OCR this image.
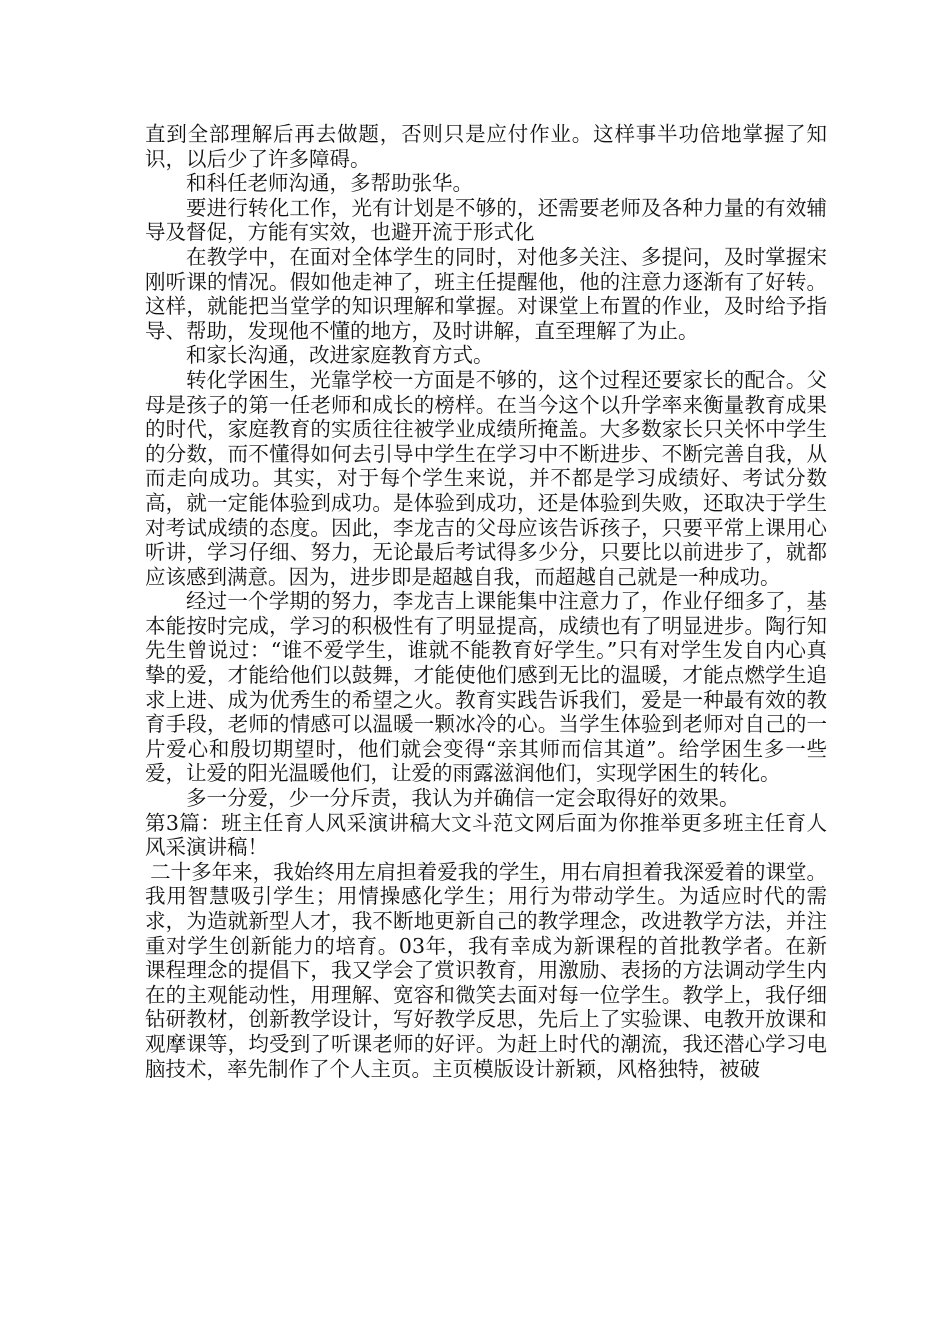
直到全部理解后再去做题，否则只是应付作业。这样事半功倍地掌握了知识，以后少了许多障碍。

和科任老师沟通，多帮助张华。

要进行转化工作，光有计划是不够的，还需要老师及各种力量的有效辅导及督促，方能有实效，也避开流于形式化

在教学中，在面对全体学生的同时，对他多关注、多提问，及时掌握宋刚听课的情况。假如他走神了，班主任提醒他，他的注意力逐渐有了好转。这样，就能把当堂学的知识理解和掌握。对课堂上布置的作业，及时给予指导、帮助，发现他不懂的地方，及时讲解，直至理解了为止。

和家长沟通，改进家庭教育方式。

转化学困生，光靠学校一方面是不够的，这个过程还要家长的配合。父母是孩子的第一任老师和成长的榜样。在当今这个以升学率来衡量教育成果的时代，家庭教育的实质往往被学业成绩所掩盖。大多数家长只关怀中学生的分数，而不懂得如何去引导中学生在学习中不断进步、不断完善自我，从而走向成功。其实，对于每个学生来说，并不都是学习成绩好、考试分数高，就一定能体验到成功。是体验到成功，还是体验到失败，还取决于学生对考试成绩的态度。因此，李龙吉的父母应该告诉孩子，只要平常上课用心听讲，学习仔细、努力，无论最后考试得多少分，只要比以前进步了，就都应该感到满意。因为，进步即是超越自我，而超越自己就是一种成功。

经过一个学期的努力，李龙吉上课能集中注意力了，作业仔细多了，基本能按时完成，学习的积极性有了明显提高，成绩也有了明显进步。陶行知先生曾说过：“谁不爱学生，谁就不能教育好学生。”只有对学生发自内心真挚的爱，才能给他们以鼓舞，才能使他们感到无比的温暖，才能点燃学生追求上进、成为优秀生的希望之火。教育实践告诉我们，爱是一种最有效的教育手段，老师的情感可以温暖一颗冰冷的心。当学生体验到老师对自己的一片爱心和殷切期望时，他们就会变得“亲其师而信其道”。给学困生多一些爱，让爱的阳光温暖他们，让爱的雨露滋润他们，实现学困生的转化。

多一分爱，少一分斥责，我认为并确信一定会取得好的效果。

第3篇：班主任育人风采演讲稿大文斗范文网后面为你推举更多班主任育人风采演讲稿！

二十多年来，我始终用左肩担着爱我的学生，用右肩担着我深爱着的课堂。我用智慧吸引学生；用情操感化学生；用行为带动学生。为适应时代的需求，为造就新型人才，我不断地更新自己的教学理念，改进教学方法，并注重对学生创新能力的培育。03年，我有幸成为新课程的首批教学者。在新课程理念的提倡下，我又学会了赏识教育，用激励、表扬的方法调动学生内在的主观能动性，用理解、宽容和微笑去面对每一位学生。教学上，我仔细钻研教材，创新教学设计，写好教学反思，先后上了实验课、电教开放课和观摩课等，均受到了听课老师的好评。为赶上时代的潮流，我还潜心学习电脑技术，率先制作了个人主页。主页模版设计新颖，风格独特，被破
